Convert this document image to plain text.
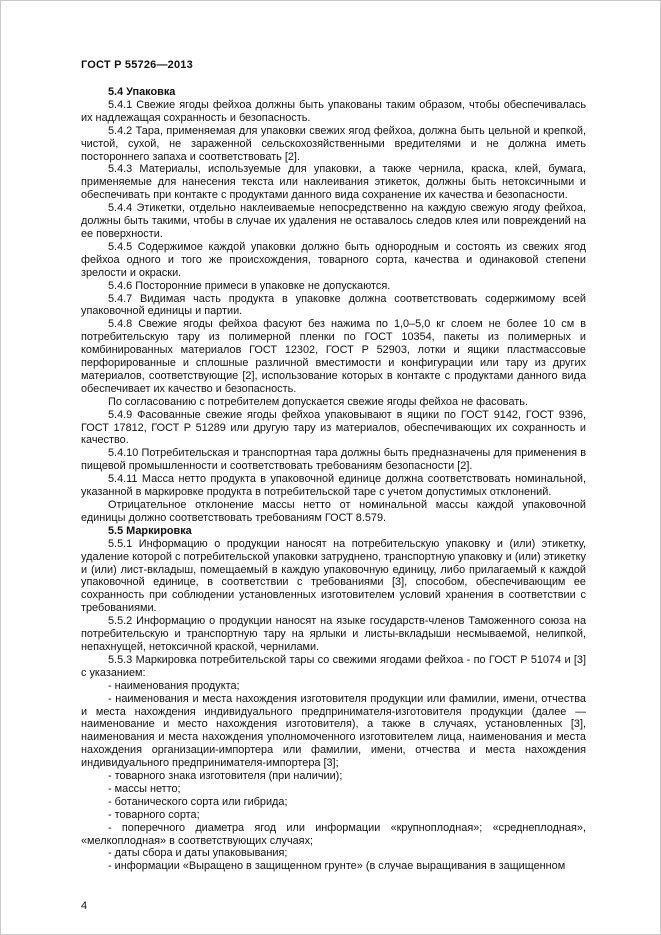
ГОСТ Р 55726—2013

5.4 Упаковка

5.4.1 Свежие ягоды фейхоа должны быть упакованы таким образом, чтобы обеспечивалась их надлежащая сохранность и безопасность.

5.4.2 Тара, применяемая для упаковки свежих ягод фейхоа, должна быть цельной и крепкой, чистой, сухой, не зараженной сельскохозяйственными вредителями и не должна иметь постороннего запаха и соответствовать [2].

5.4.3 Материалы, используемые для упаковки, а также чернила, краска, клей, бумага, применяемые для нанесения текста или наклеивания этикеток, должны быть нетоксичными и обеспечивать при контакте с продуктами данного вида сохранение их качества и безопасности.

5.4.4 Этикетки, отдельно наклеиваемые непосредственно на каждую свежую ягоду фейхоа, должны быть такими, чтобы в случае их удаления не оставалось следов клея или повреждений на ее поверхности.

5.4.5 Содержимое каждой упаковки должно быть однородным и состоять из свежих ягод фейхоа одного и того же происхождения, товарного сорта, качества и одинаковой степени зрелости и окраски.

5.4.6 Посторонние примеси в упаковке не допускаются.

5.4.7 Видимая часть продукта в упаковке должна соответствовать содержимому всей упаковочной единицы и партии.

5.4.8 Свежие ягоды фейхоа фасуют без нажима по 1,0–5,0 кг слоем не более 10 см в потребительскую тару из полимерной пленки по ГОСТ 10354, пакеты из полимерных и комбинированных материалов ГОСТ 12302, ГОСТ Р 52903, лотки и ящики пластмассовые перфорированные и сплошные различной вместимости и конфигурации или тару из других материалов, соответствующие [2], использование которых в контакте с продуктами данного вида обеспечивает их качество и безопасность.

По согласованию с потребителем допускается свежие ягоды фейхоа не фасовать.

5.4.9 Фасованные свежие ягоды фейхоа упаковывают в ящики по ГОСТ 9142, ГОСТ 9396, ГОСТ 17812, ГОСТ Р 51289 или другую тару из материалов, обеспечивающих их сохранность и качество.

5.4.10 Потребительская и транспортная тара должны быть предназначены для применения в пищевой промышленности и соответствовать требованиям безопасности [2].

5.4.11 Масса нетто продукта в упаковочной единице должна соответствовать номинальной, указанной в маркировке продукта в потребительской таре с учетом допустимых отклонений.

Отрицательное отклонение массы нетто от номинальной массы каждой упаковочной единицы должно соответствовать требованиям ГОСТ 8.579.

5.5 Маркировка

5.5.1 Информацию о продукции наносят на потребительскую упаковку и (или) этикетку, удаление которой с потребительской упаковки затруднено, транспортную упаковку и (или) этикетку и (или) лист-вкладыш, помещаемый в каждую упаковочную единицу, либо прилагаемый к каждой упаковочной единице, в соответствии с требованиями [3], способом, обеспечивающим ее сохранность при соблюдении установленных изготовителем условий хранения в соответствии с требованиями.

5.5.2 Информацию о продукции наносят на языке государств-членов Таможенного союза на потребительскую и транспортную тару на ярлыки и листы-вкладыши несмываемой, нелипкой, непахнущей, нетоксичной краской, чернилами.

5.5.3 Маркировка потребительской тары со свежими ягодами фейхоа - по ГОСТ Р 51074 и [3] с указанием:

- наименования продукта;

- наименования и места нахождения изготовителя продукции или фамилии, имени, отчества и места нахождения индивидуального предпринимателя-изготовителя продукции (далее — наименование и место нахождения изготовителя), а также в случаях, установленных [3], наименования и места нахождения уполномоченного изготовителем лица, наименования и места нахождения организации-импортера или фамилии, имени, отчества и места нахождения индивидуального предпринимателя-импортера [3];

- товарного знака изготовителя (при наличии);

- массы нетто;

- ботанического сорта или гибрида;

- товарного сорта;

- поперечного диаметра ягод или информации «крупноплодная»; «среднеплодная», «мелкоплодная» в соответствующих случаях;

- даты сбора и даты упаковывания;

- информации «Выращено в защищенном грунте» (в случае выращивания в защищенном

4
